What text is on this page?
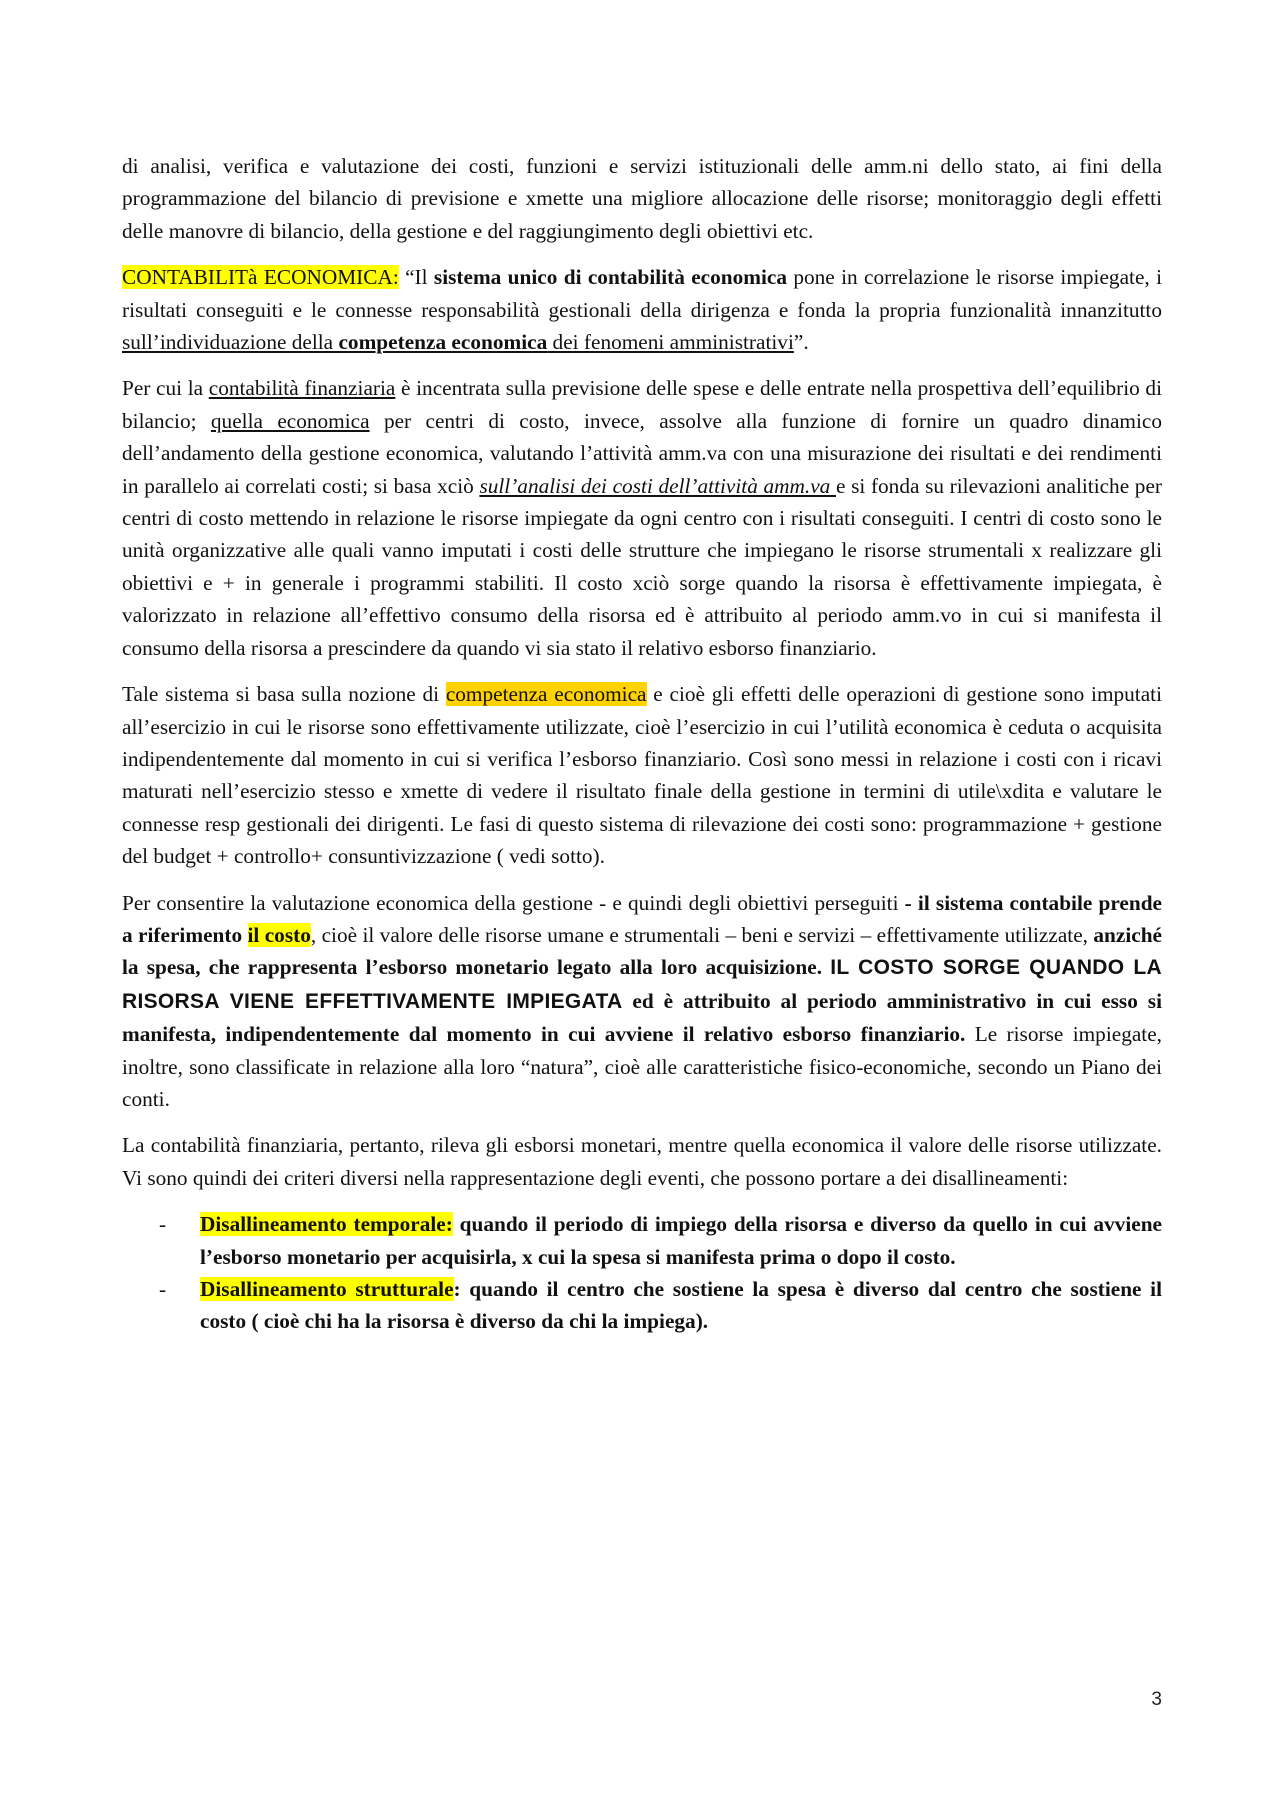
di analisi, verifica e valutazione dei costi, funzioni e servizi istituzionali delle amm.ni dello stato, ai fini della programmazione del bilancio di previsione e xmette una migliore allocazione delle risorse; monitoraggio degli effetti delle manovre di bilancio, della gestione e del raggiungimento degli obiettivi etc.

CONTABILITà ECONOMICA: “Il sistema unico di contabilità economica pone in correlazione le risorse impiegate, i risultati conseguiti e le connesse responsabilità gestionali della dirigenza e fonda la propria funzionalità innanzitutto sull’individuazione della competenza economica dei fenomeni amministrativi”.

Per cui la contabilità finanziaria è incentrata sulla previsione delle spese e delle entrate nella prospettiva dell’equilibrio di bilancio; quella economica per centri di costo, invece, assolve alla funzione di fornire un quadro dinamico dell’andamento della gestione economica, valutando l’attività amm.va con una misurazione dei risultati e dei rendimenti in parallelo ai correlati costi; si basa xciò sull’analisi dei costi dell’attività amm.va e si fonda su rilevazioni analitiche per centri di costo mettendo in relazione le risorse impiegate da ogni centro con i risultati conseguiti. I centri di costo sono le unità organizzative alle quali vanno imputati i costi delle strutture che impiegano le risorse strumentali x realizzare gli obiettivi e + in generale i programmi stabiliti. Il costo xciò sorge quando la risorsa è effettivamente impiegata, è valorizzato in relazione all’effettivo consumo della risorsa ed è attribuito al periodo amm.vo in cui si manifesta il consumo della risorsa a prescindere da quando vi sia stato il relativo esborso finanziario.

Tale sistema si basa sulla nozione di competenza economica e cioè gli effetti delle operazioni di gestione sono imputati all’esercizio in cui le risorse sono effettivamente utilizzate, cioè l’esercizio in cui l’utilità economica è ceduta o acquisita indipendentemente dal momento in cui si verifica l’esborso finanziario. Così sono messi in relazione i costi con i ricavi maturati nell’esercizio stesso e xmette di vedere il risultato finale della gestione in termini di utile\xdita e valutare le connesse resp gestionali dei dirigenti. Le fasi di questo sistema di rilevazione dei costi sono: programmazione + gestione del budget + controllo+ consuntivizzazione ( vedi sotto).

Per consentire la valutazione economica della gestione - e quindi degli obiettivi perseguiti - il sistema contabile prende a riferimento il costo, cioè il valore delle risorse umane e strumentali – beni e servizi – effettivamente utilizzate, anziché la spesa, che rappresenta l’esborso monetario legato alla loro acquisizione. IL COSTO SORGE QUANDO LA RISORSA VIENE EFFETTIVAMENTE IMPIEGATA ed è attribuito al periodo amministrativo in cui esso si manifesta, indipendentemente dal momento in cui avviene il relativo esborso finanziario. Le risorse impiegate, inoltre, sono classificate in relazione alla loro “natura”, cioè alle caratteristiche fisico-economiche, secondo un Piano dei conti.

La contabilità finanziaria, pertanto, rileva gli esborsi monetari, mentre quella economica il valore delle risorse utilizzate. Vi sono quindi dei criteri diversi nella rappresentazione degli eventi, che possono portare a dei disallineamenti:

- Disallineamento temporale: quando il periodo di impiego della risorsa e diverso da quello in cui avviene l’esborso monetario per acquisirla, x cui la spesa si manifesta prima o dopo il costo.
- Disallineamento strutturale: quando il centro che sostiene la spesa è diverso dal centro che sostiene il costo ( cioè chi ha la risorsa è diverso da chi la impiega).
3
